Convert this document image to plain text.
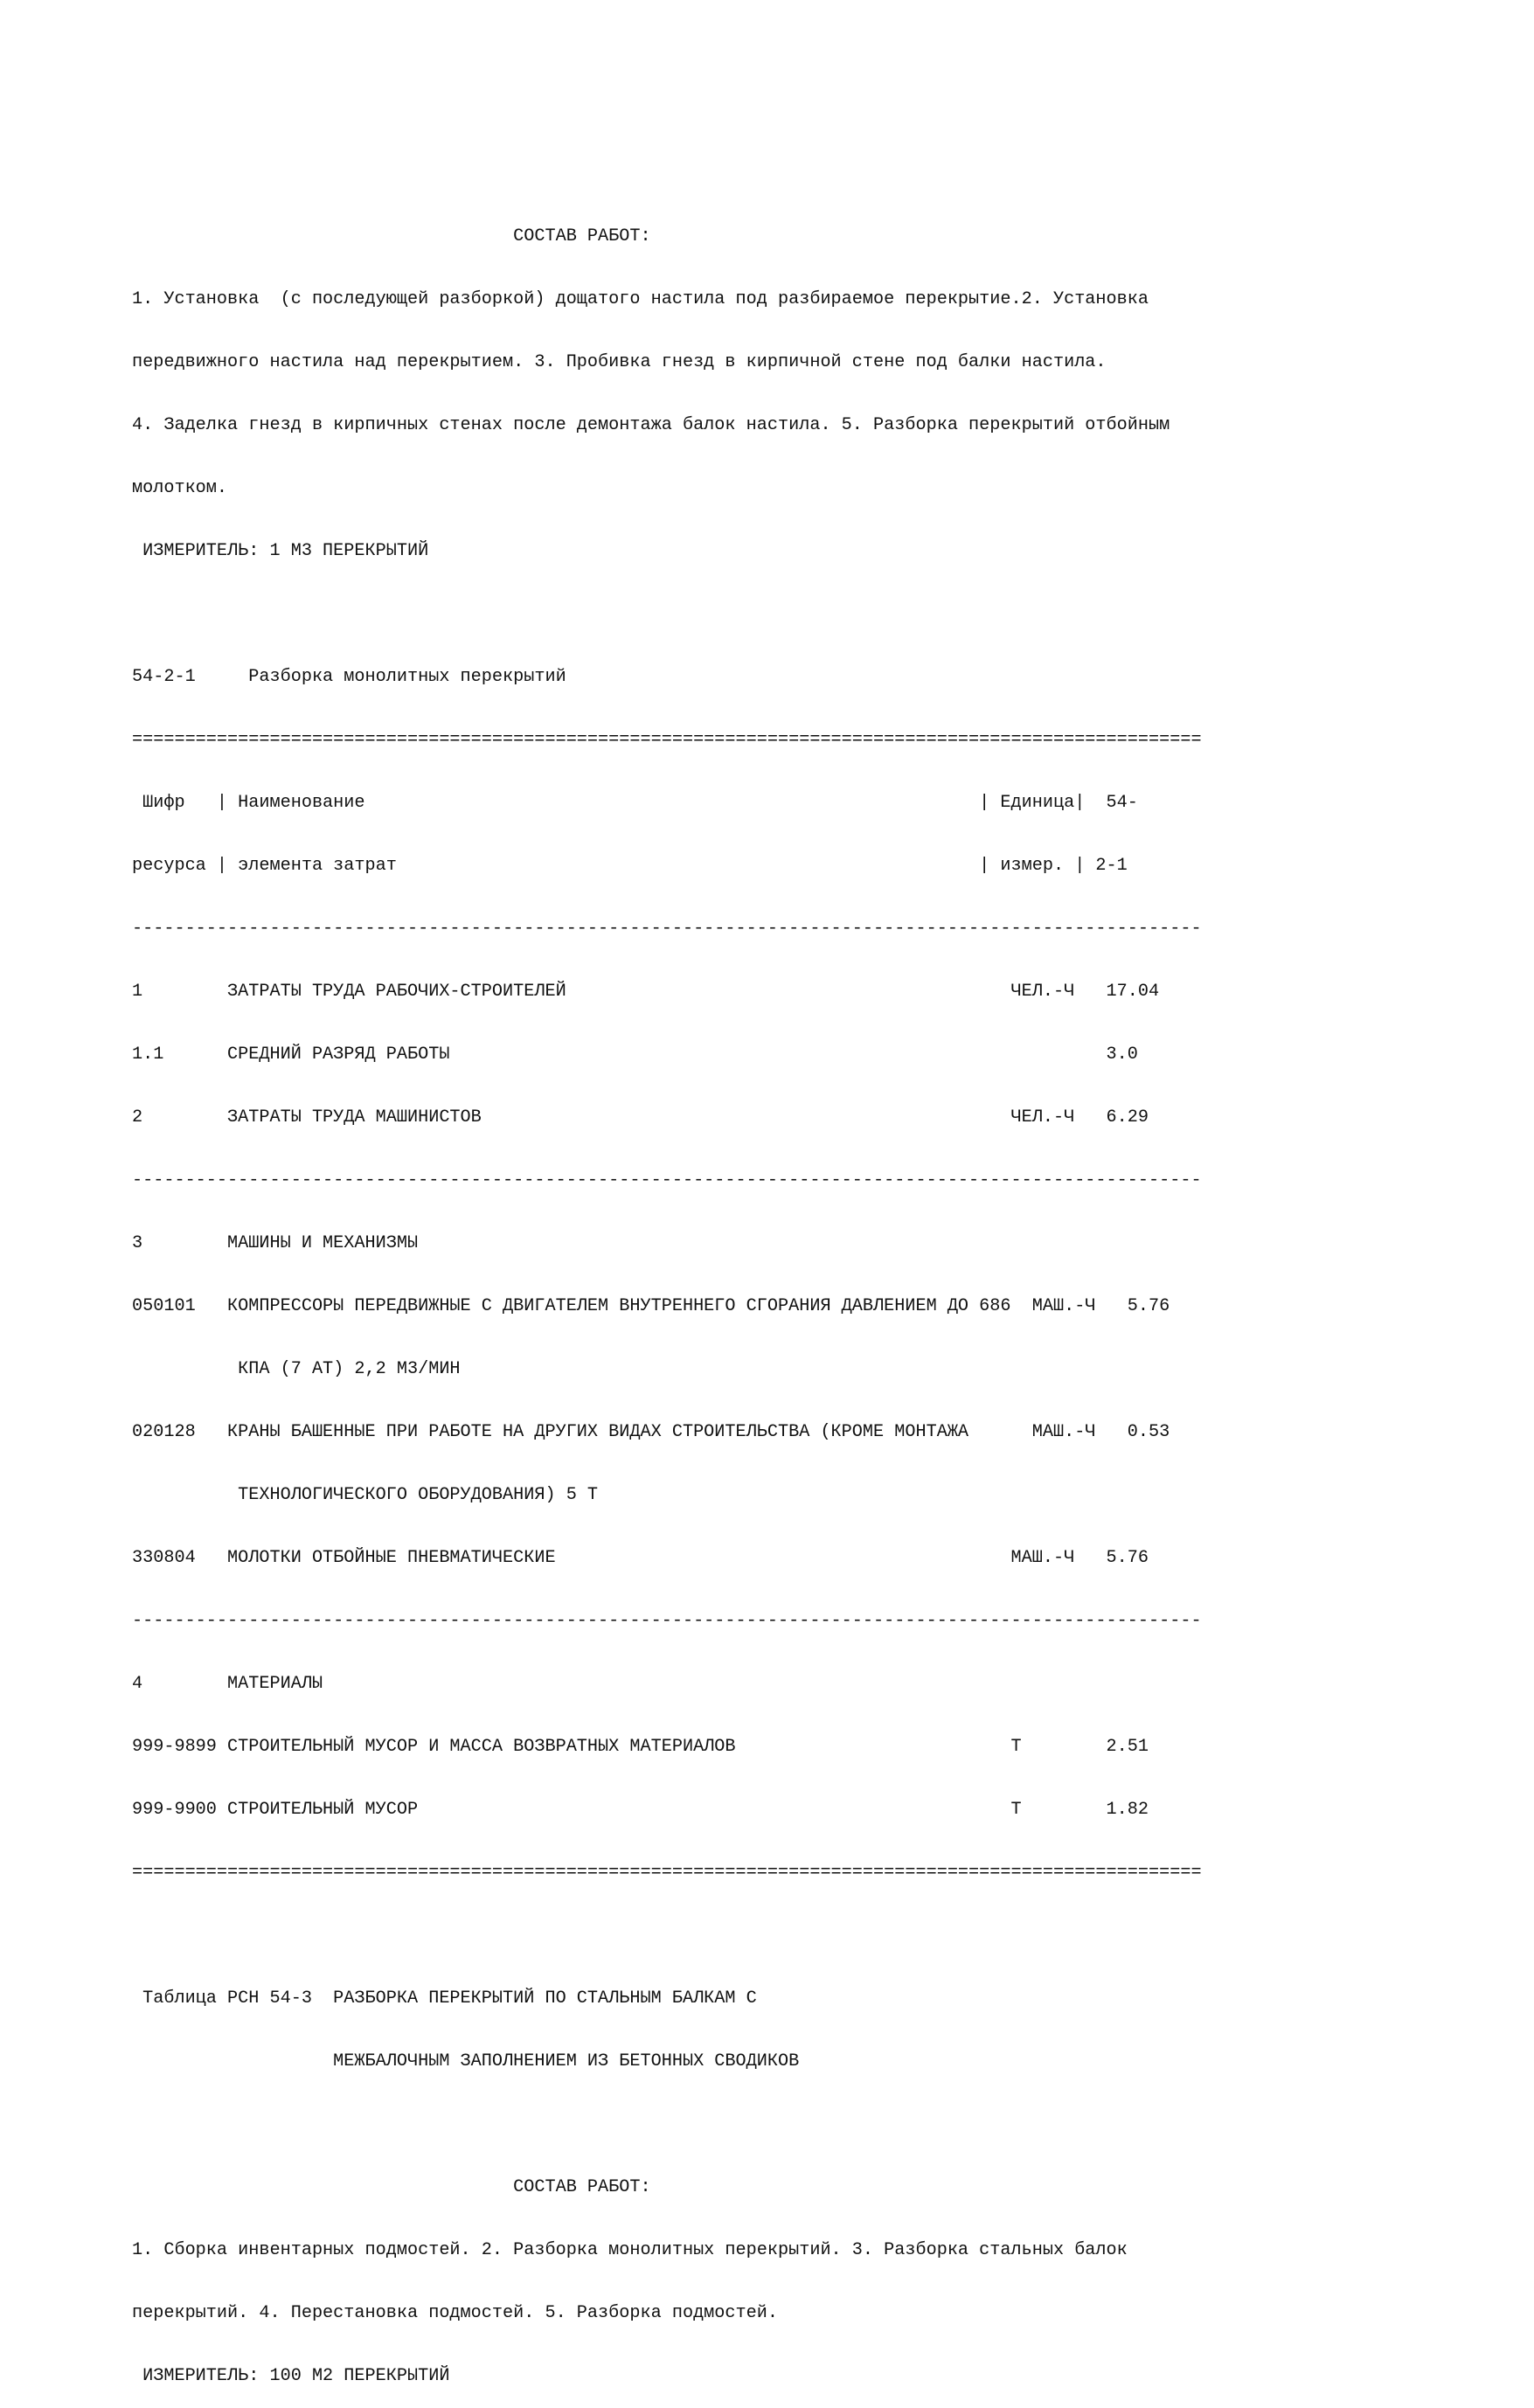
СОСТАВ РАБОТ:

1. Установка  (с последующей разборкой) дощатого настила под разбираемое перекрытие.2. Установка

передвижного настила над перекрытием. 3. Пробивка гнезд в кирпичной стене под балки настила.

4. Заделка гнезд в кирпичных стенах после демонтажа балок настила. 5. Разборка перекрытий отбойным

молотком.

ИЗМЕРИТЕЛЬ: 1 М3 ПЕРЕКРЫТИЙ

54-2-1     Разборка монолитных перекрытий

=====================================================================================================

Шифр   | Наименование                                                          | Единица|  54-

ресурса | элемента затрат                                                       | измер. | 2-1

-----------------------------------------------------------------------------------------------------

1        ЗАТРАТЫ ТРУДА РАБОЧИХ-СТРОИТЕЛЕЙ                                          ЧЕЛ.-Ч   17.04

1.1      СРЕДНИЙ РАЗРЯД РАБОТЫ                                                              3.0

2        ЗАТРАТЫ ТРУДА МАШИНИСТОВ                                                  ЧЕЛ.-Ч   6.29

-----------------------------------------------------------------------------------------------------

3        МАШИНЫ И МЕХАНИЗМЫ

050101   КОМПРЕССОРЫ ПЕРЕДВИЖНЫЕ С ДВИГАТЕЛЕМ ВНУТРЕННЕГО СГОРАНИЯ ДАВЛЕНИЕМ ДО 686  МАШ.-Ч   5.76

КПА (7 АТ) 2,2 М3/МИН

020128   КРАНЫ БАШЕННЫЕ ПРИ РАБОТЕ НА ДРУГИХ ВИДАХ СТРОИТЕЛЬСТВА (КРОМЕ МОНТАЖА      МАШ.-Ч   0.53

ТЕХНОЛОГИЧЕСКОГО ОБОРУДОВАНИЯ) 5 Т

330804   МОЛОТКИ ОТБОЙНЫЕ ПНЕВМАТИЧЕСКИЕ                                           МАШ.-Ч   5.76

-----------------------------------------------------------------------------------------------------

4        МАТЕРИАЛЫ

999-9899 СТРОИТЕЛЬНЫЙ МУСОР И МАССА ВОЗВРАТНЫХ МАТЕРИАЛОВ                          Т        2.51

999-9900 СТРОИТЕЛЬНЫЙ МУСОР                                                        Т        1.82

=====================================================================================================

Таблица РСН 54-3  РАЗБОРКА ПЕРЕКРЫТИЙ ПО СТАЛЬНЫМ БАЛКАМ С

МЕЖБАЛОЧНЫМ ЗАПОЛНЕНИЕМ ИЗ БЕТОННЫХ СВОДИКОВ

СОСТАВ РАБОТ:

1. Сборка инвентарных подмостей. 2. Разборка монолитных перекрытий. 3. Разборка стальных балок

перекрытий. 4. Перестановка подмостей. 5. Разборка подмостей.

ИЗМЕРИТЕЛЬ: 100 М2 ПЕРЕКРЫТИЙ
